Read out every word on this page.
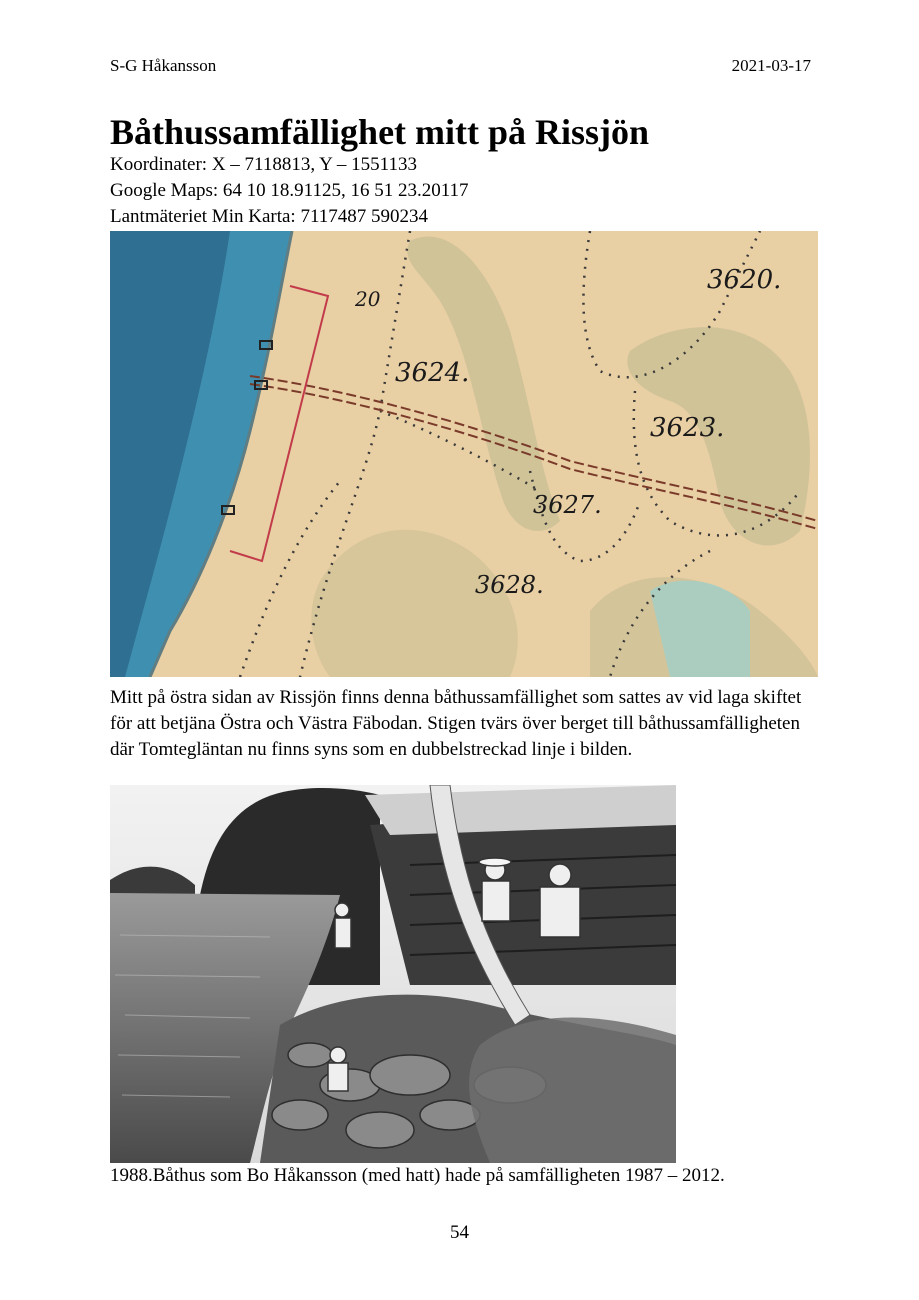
S-G Håkansson	2021-03-17
Båthussamfällighet mitt på Rissjön
Koordinater: X – 7118813, Y – 1551133
Google Maps: 64 10 18.91125, 16 51 23.20117
Lantmäteriet Min Karta: 7117487 590234
3620.
3624.
3623.
3627.
3628.
20
Mitt på östra sidan av Rissjön finns denna båthussamfällighet som sattes av vid laga skiftet för att betjäna Östra och Västra Fäbodan. Stigen tvärs över berget till båthussamfälligheten där Tomtegläntan nu finns syns som en dubbelstreckad linje i bilden.
1988.Båthus som Bo Håkansson (med hatt) hade på samfälligheten 1987 – 2012.
54
